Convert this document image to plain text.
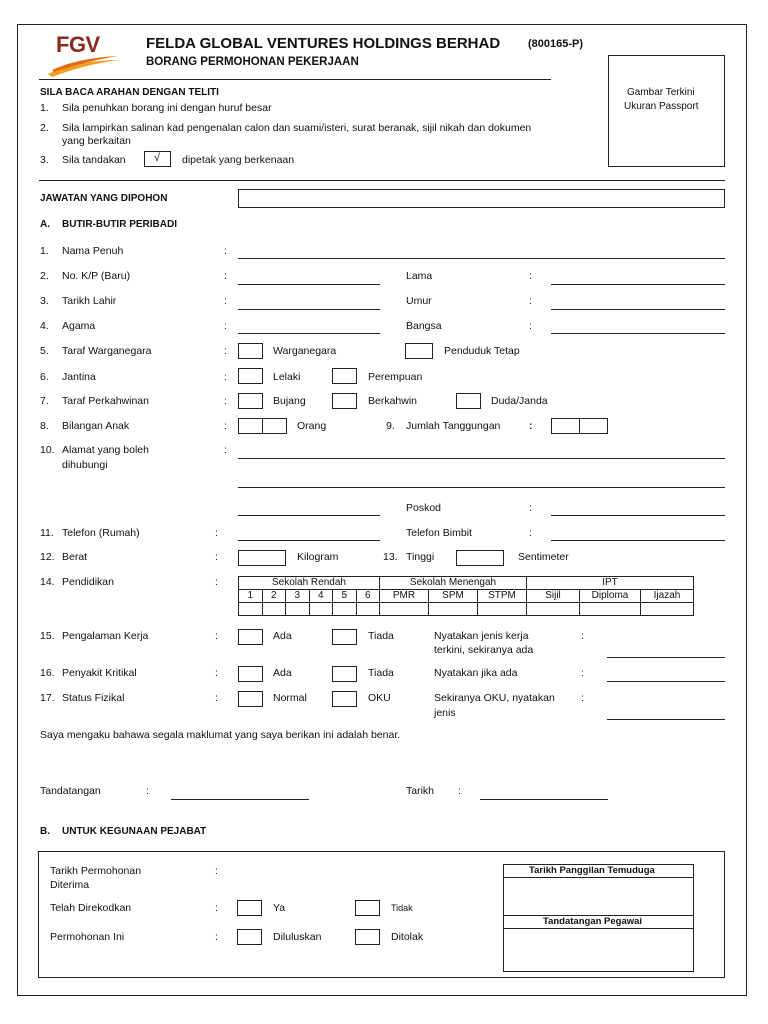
FGV	FELDA GLOBAL VENTURES HOLDINGS BERHAD	(800165-P)
BORANG PERMOHONAN PEKERJAAN
Gambar Terkini
Ukuran Passport
SILA BACA ARAHAN DENGAN TELITI
1. Sila penuhkan borang ini dengan huruf besar
2. Sila lampirkan salinan kad pengenalan calon dan suami/isteri, surat beranak, sijil nikah dan dokumen
yang berkaitan
3. Sila tandakan	√ dipetak yang berkenaan
JAWATAN YANG DIPOHON
A. BUTIR-BUTIR PERIBADI
1. Nama Penuh	:
2. No. K/P (Baru)	:	Lama	:
3. Tarikh Lahir	:	Umur	:
4. Agama	:	Bangsa	:
5. Taraf Warganegara	:	Warganegara	Penduduk Tetap
6. Jantina	:	Lelaki	Perempuan
7. Taraf Perkahwinan	:	Bujang	Berkahwin	Duda/Janda
8. Bilangan Anak	:	Orang	9. Jumlah Tanggungan	:
10. Alamat yang boleh
dihubungi
:
Poskod	:
11. Telefon (Rumah)	:	Telefon Bimbit	:
12. Berat	:	Kilogram	13. Tinggi	Sentimeter
14. Pendidikan	:	Sekolah Rendah						Sekolah Menengah			IPT		
1	2	3	4	5	6	PMR	SPM	STPM	Sijil	Diploma	Ijazah

15. Pengalaman Kerja	:	Ada	Tiada	Nyatakan jenis kerja
terkini, sekiranya ada
:
16. Penyakit Kritikal	:	Ada	Tiada	Nyatakan jika ada	:
17. Status Fizikal	:	Normal	OKU	Sekiranya OKU, nyatakan
jenis
:
Saya mengaku bahawa segala maklumat yang saya berikan ini adalah benar.
Tandatangan	:	Tarikh :
B. UNTUK KEGUNAAN PEJABAT
Tarikh Permohonan
Diterima
:
Telah Direkodkan	:	Ya	Tidak
Permohonan Ini	:	Diluluskan	Ditolak
Tarikh Panggilan Temuduga
Tandatangan Pegawai
